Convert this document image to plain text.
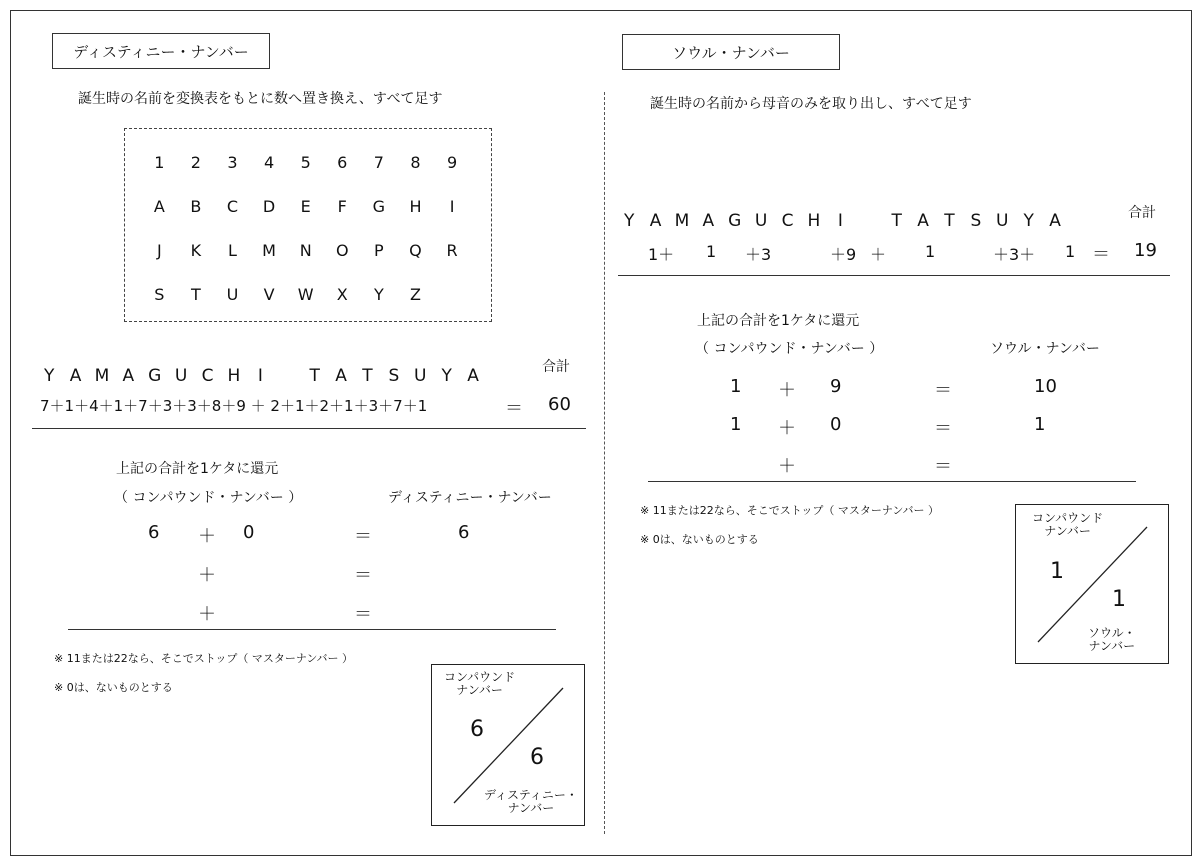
ディスティニー・ナンバー
誕生時の名前を変換表をもとに数へ置き換え、すべて足す
1	2	3	4	5	6	7	8	9
A	B	C	D	E	F	G	H	I
J	K	L	M	N	O	P	Q	R
S	T	U	V	W	X	Y	Z
合計
Y A M A G U C H	I	T A T S U Y A
7＋1＋4＋1＋7＋3＋3＋8＋9 ＋ 2＋1＋2＋1＋3＋7＋1	＝ 60
上記の合計を1ケタに還元
（ コンパウンド・ナンバー ）	ディスティニー・ナンバー
6 ＋ 0	＝	6
＋	＝
＋	＝
※ 11または22なら、そこでストップ（ マスターナンバー ）
※ 0は、ないものとする
コンパウンド
ナンバー
6
6
ディスティニー・
ナンバー
ソウル・ナンバー
誕生時の名前から母音のみを取り出し、すべて足す
合計
Y A M A G U C H	I	T A T S U Y A
1＋ 1 ＋3	＋9 ＋ 1	＋3＋ 1 ＝ 19
上記の合計を1ケタに還元
（ コンパウンド・ナンバー ）	ソウル・ナンバー
1 ＋ 9	＝	10
1 ＋ 0	＝	1
＋	＝
※ 11または22なら、そこでストップ（ マスターナンバー ）
※ 0は、ないものとする
コンパウンド
ナンバー
1
1
ソウル・
ナンバー
